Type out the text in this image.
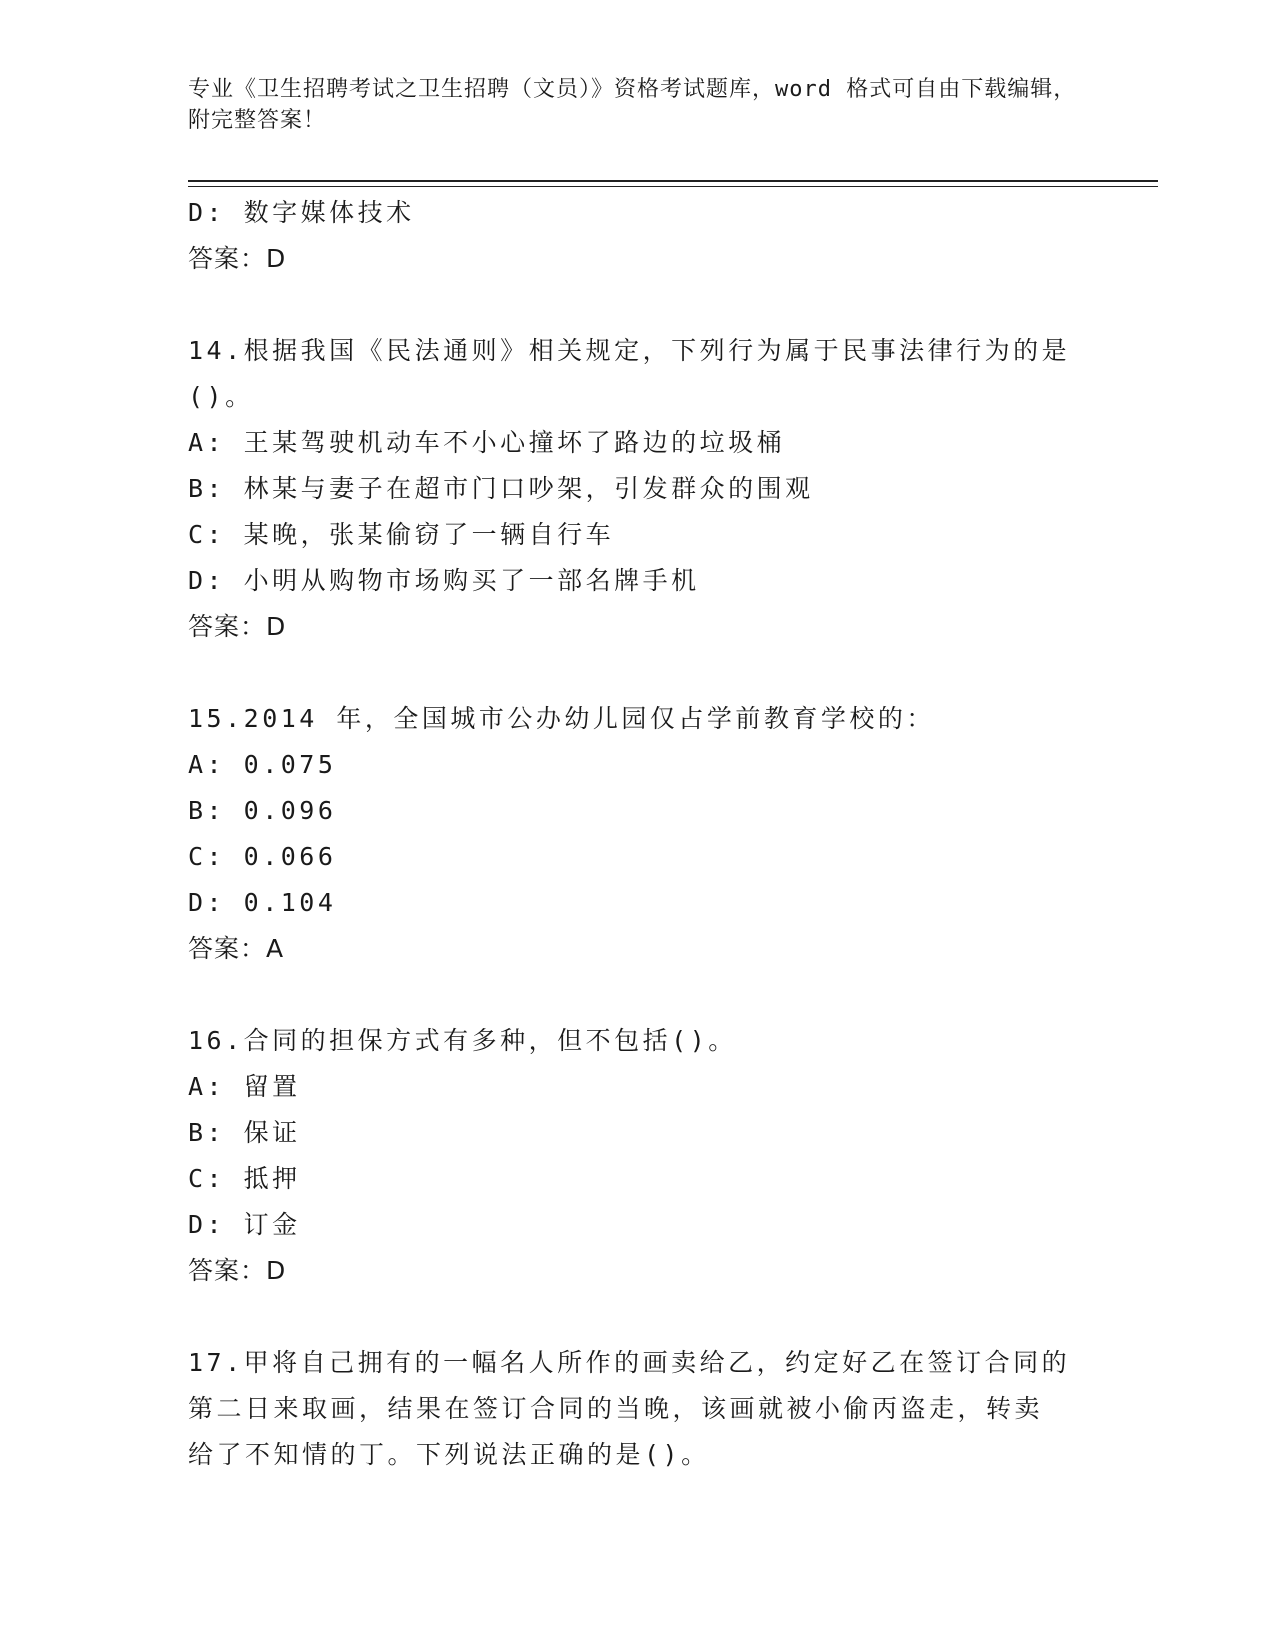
专业《卫生招聘考试之卫生招聘（文员）》资格考试题库，word 格式可自由下载编辑，附完整答案！
D: 数字媒体技术
答案：D
14.根据我国《民法通则》相关规定，下列行为属于民事法律行为的是
()。
A: 王某驾驶机动车不小心撞坏了路边的垃圾桶
B: 林某与妻子在超市门口吵架，引发群众的围观
C: 某晚，张某偷窃了一辆自行车
D: 小明从购物市场购买了一部名牌手机
答案：D
15.2014 年，全国城市公办幼儿园仅占学前教育学校的：
A: 0.075
B: 0.096
C: 0.066
D: 0.104
答案：A
16.合同的担保方式有多种，但不包括()。
A: 留置
B: 保证
C: 抵押
D: 订金
答案：D
17.甲将自己拥有的一幅名人所作的画卖给乙，约定好乙在签订合同的
第二日来取画，结果在签订合同的当晚，该画就被小偷丙盗走，转卖
给了不知情的丁。下列说法正确的是()。
